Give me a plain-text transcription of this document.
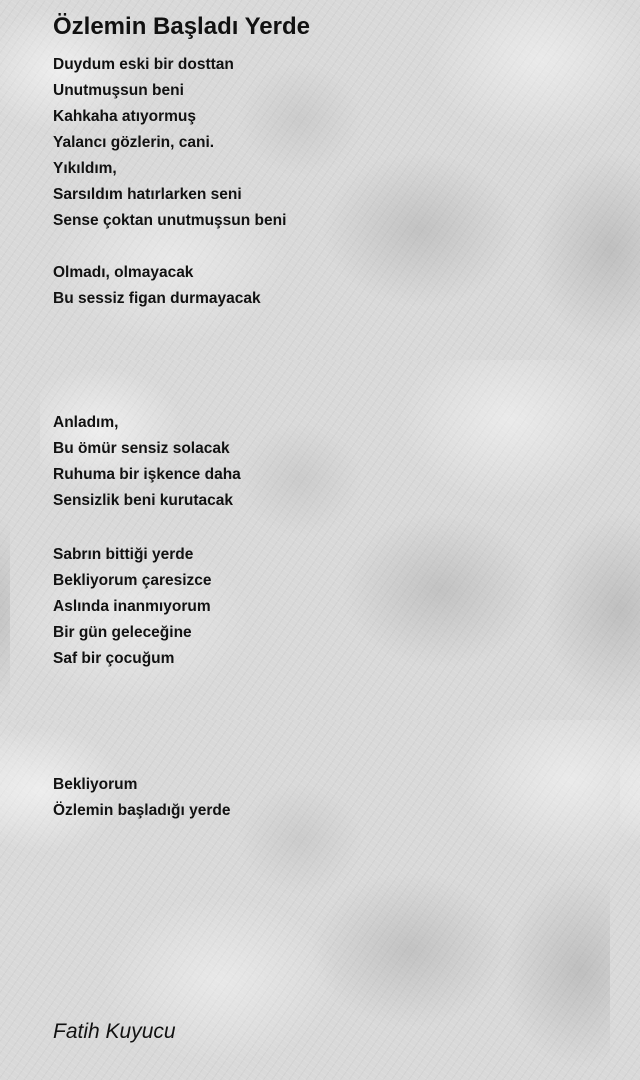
Özlemin Başladı Yerde
Duydum eski bir dosttan
Unutmuşsun beni
Kahkaha atıyormuş
Yalancı gözlerin, cani.
Yıkıldım,
Sarsıldım hatırlarken seni
Sense çoktan unutmuşsun beni
Olmadı, olmayacak
Bu sessiz figan durmayacak
Anladım,
Bu ömür sensiz solacak
Ruhuma bir işkence daha
Sensizlik beni kurutacak
Sabrın bittiği yerde
Bekliyorum çaresizce
Aslında inanmıyorum
Bir gün geleceğine
Saf bir çocuğum
Bekliyorum
Özlemin başladığı yerde
Fatih Kuyucu
